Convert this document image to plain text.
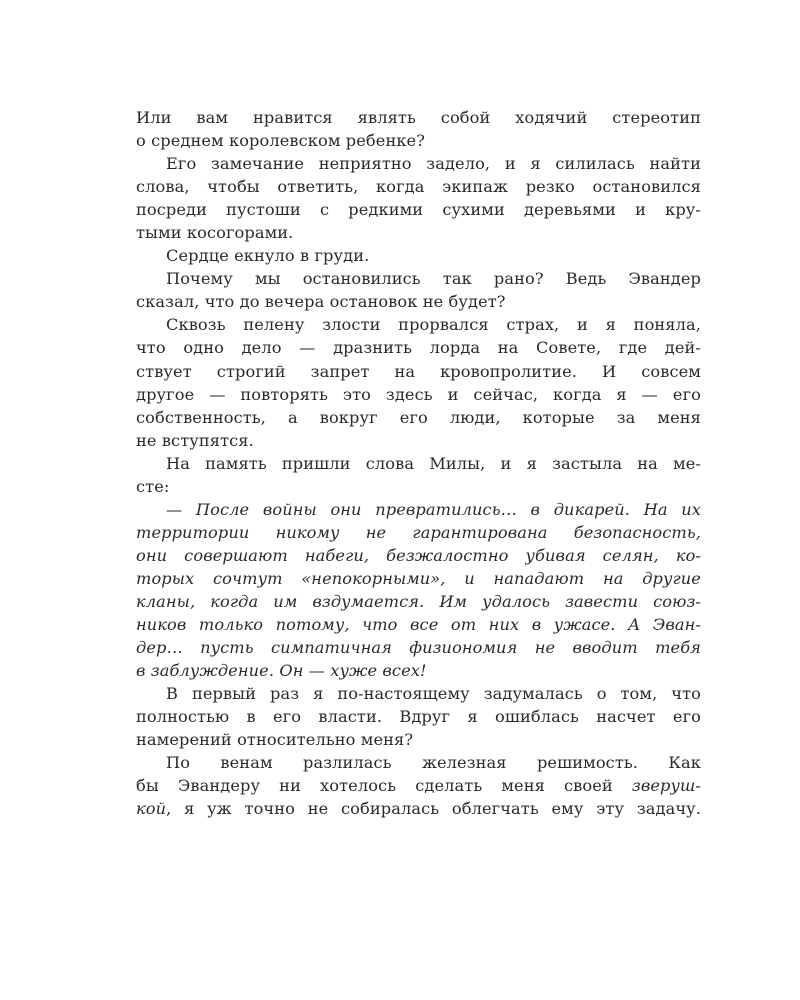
Или вам нравится являть собой ходячий стереотип
о среднем королевском ребенке?
Его замечание неприятно задело, и я силилась найти
слова, чтобы ответить, когда экипаж резко остановился
посреди пустоши с редкими сухими деревьями и кру-
тыми косогорами.
Сердце екнуло в груди.
Почему мы остановились так рано? Ведь Эвандер
сказал, что до вечера остановок не будет?
Сквозь пелену злости прорвался страх, и я поняла,
что одно дело — дразнить лорда на Совете, где дей-
ствует строгий запрет на кровопролитие. И совсем
другое — повторять это здесь и сейчас, когда я — его
собственность, а вокруг его люди, которые за меня
не вступятся.
На память пришли слова Милы, и я застыла на ме-
сте:
— После войны они превратились… в дикарей. На их
территории никому не гарантирована безопасность,
они совершают набеги, безжалостно убивая селян, ко-
торых сочтут «непокорными», и нападают на другие
кланы, когда им вздумается. Им удалось завести союз-
ников только потому, что все от них в ужасе. А Эван-
дер… пусть симпатичная физиономия не вводит тебя
в заблуждение. Он — хуже всех!
В первый раз я по-настоящему задумалась о том, что
полностью в его власти. Вдруг я ошиблась насчет его
намерений относительно меня?
По венам разлилась железная решимость. Как
бы Эвандеру ни хотелось сделать меня своей зверуш-
кой, я уж точно не собиралась облегчать ему эту задачу.
